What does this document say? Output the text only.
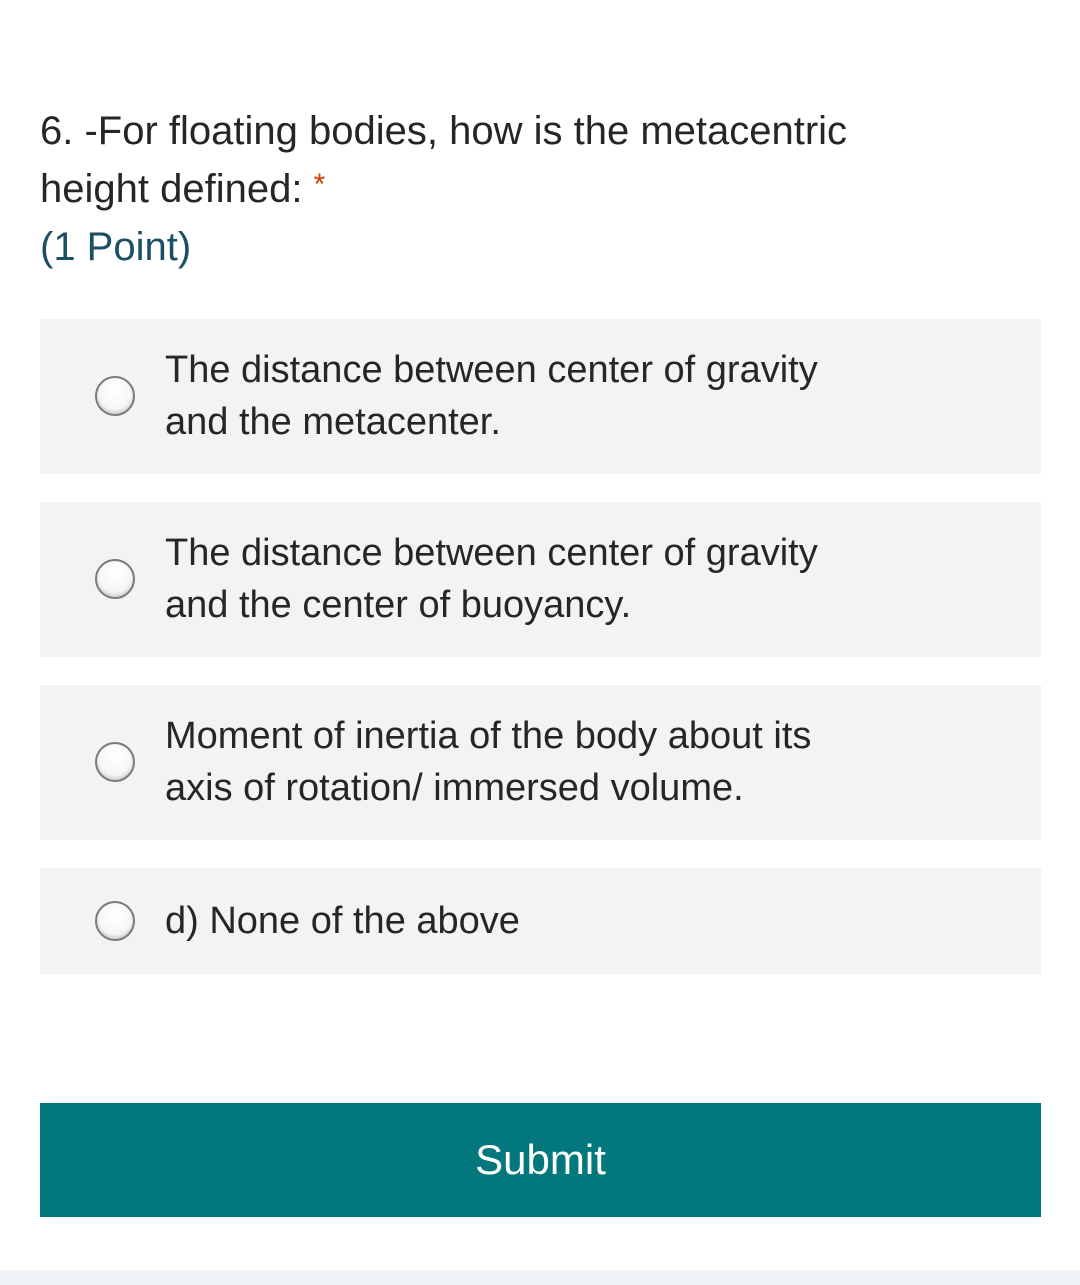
6. -For floating bodies, how is the metacentric
height defined: *

(1 Point)

The distance between center of gravity
and the metacenter.
The distance between center of gravity
and the center of buoyancy.
Moment of inertia of the body about its
axis of rotation/ immersed volume.
d) None of the above
Submit
